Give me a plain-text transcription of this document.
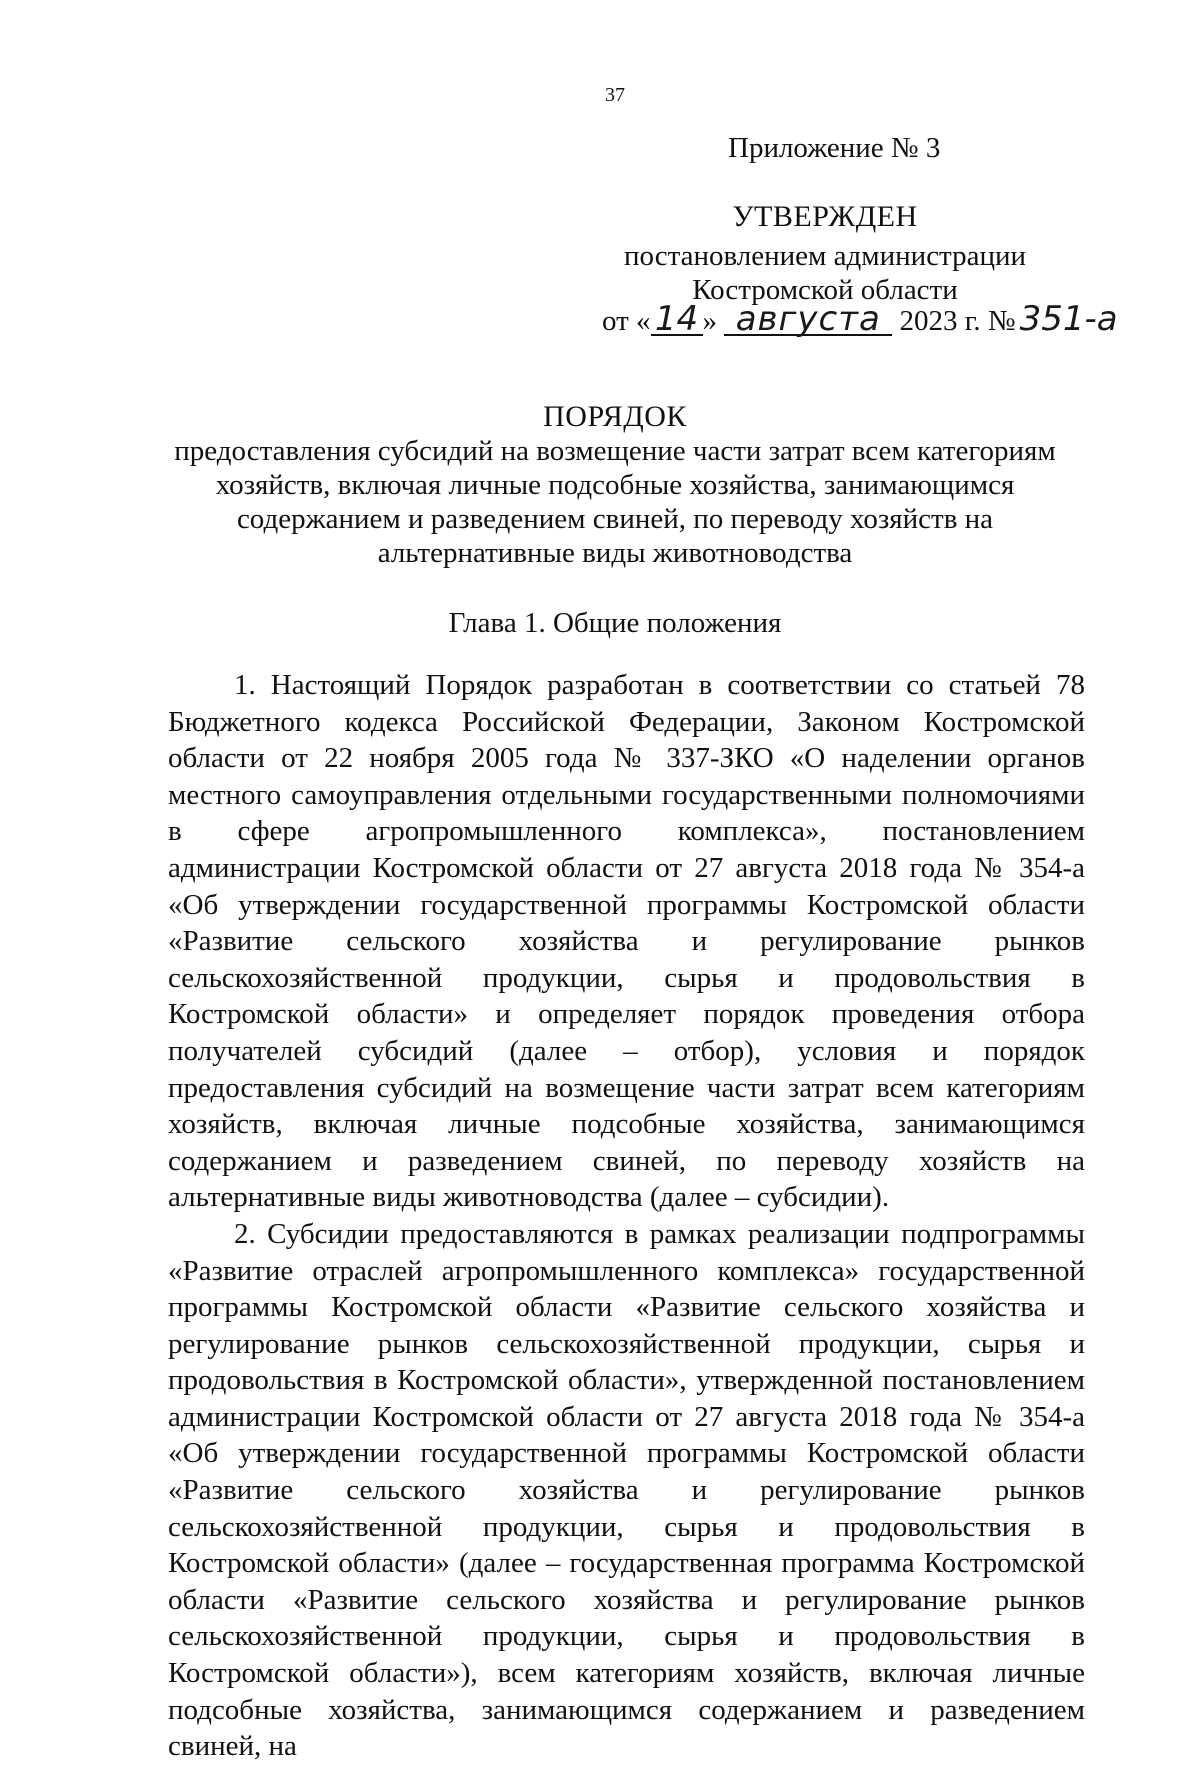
37
Приложение № 3
УТВЕРЖДЕН
постановлением администрации
Костромской области
от « 14 » августа 2023 г. № 351-а
ПОРЯДОК
предоставления субсидий на возмещение части затрат всем категориям хозяйств, включая личные подсобные хозяйства, занимающимся содержанием и разведением свиней, по переводу хозяйств на альтернативные виды животноводства
Глава 1. Общие положения

1. Настоящий Порядок разработан в соответствии со статьей 78 Бюджетного кодекса Российской Федерации, Законом Костромской области от 22 ноября 2005 года № 337-ЗКО «О наделении органов местного самоуправления отдельными государственными полномочиями в сфере агропромышленного комплекса», постановлением администрации Костромской области от 27 августа 2018 года № 354-а «Об утверждении государственной программы Костромской области «Развитие сельского хозяйства и регулирование рынков сельскохозяйственной продукции, сырья и продовольствия в Костромской области» и определяет порядок проведения отбора получателей субсидий (далее – отбор), условия и порядок предоставления субсидий на возмещение части затрат всем категориям хозяйств, включая личные подсобные хозяйства, занимающимся содержанием и разведением свиней, по переводу хозяйств на альтернативные виды животноводства (далее – субсидии).

2. Субсидии предоставляются в рамках реализации подпрограммы «Развитие отраслей агропромышленного комплекса» государственной программы Костромской области «Развитие сельского хозяйства и регулирование рынков сельскохозяйственной продукции, сырья и продовольствия в Костромской области», утвержденной постановлением администрации Костромской области от 27 августа 2018 года № 354-а «Об утверждении государственной программы Костромской области «Развитие сельского хозяйства и регулирование рынков сельскохозяйственной продукции, сырья и продовольствия в Костромской области» (далее – государственная программа Костромской области «Развитие сельского хозяйства и регулирование рынков сельскохозяйственной продукции, сырья и продовольствия в Костромской области»), всем категориям хозяйств, включая личные подсобные хозяйства, занимающимся содержанием и разведением свиней, на
